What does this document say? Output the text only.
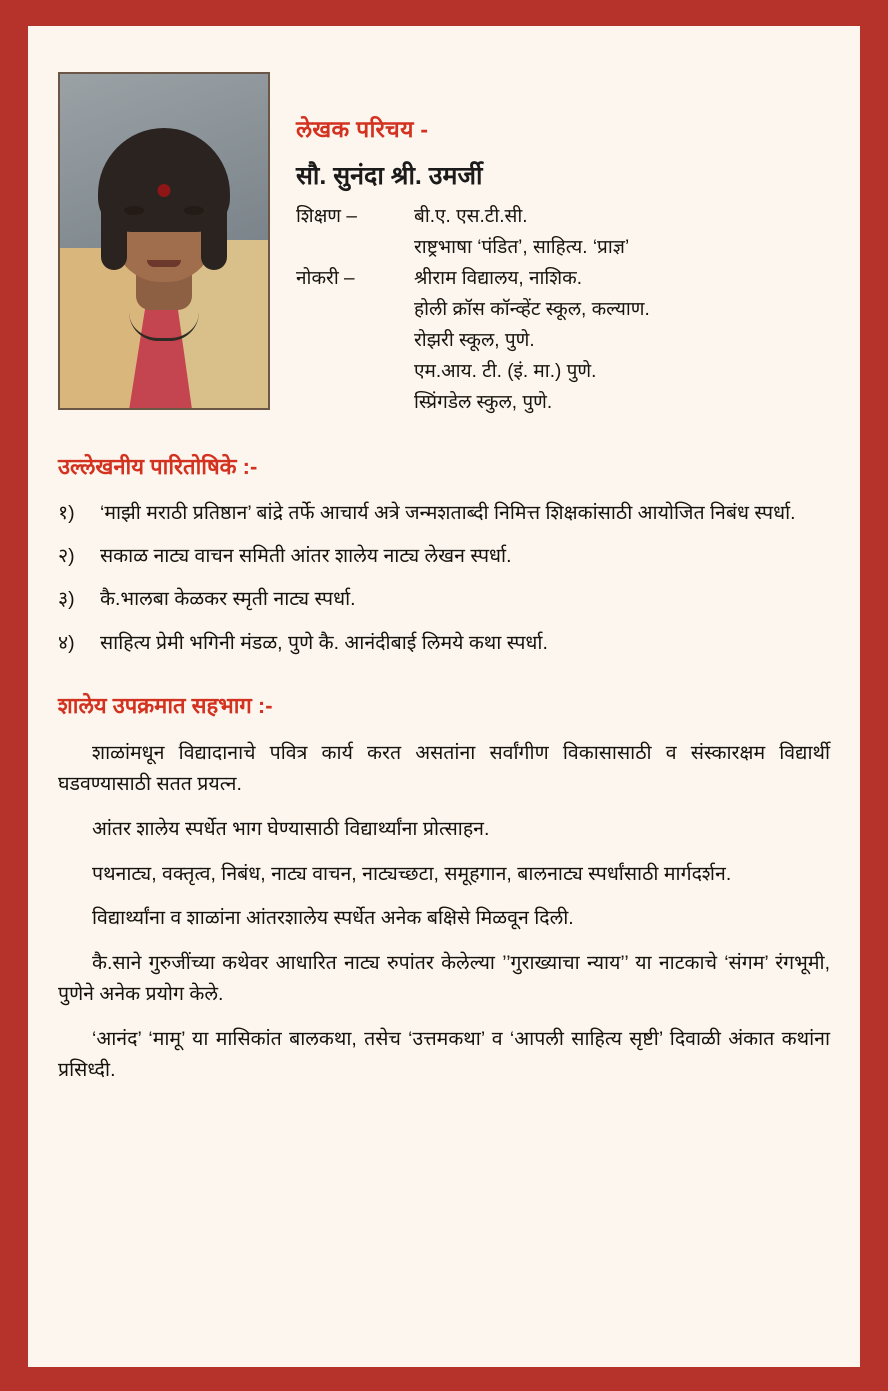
लेखक परिचय -
सौ. सुनंदा श्री. उमर्जी
शिक्षण –	बी.ए. एस.टी.सी.
	राष्ट्रभाषा ‘पंडित’, साहित्य. ‘प्राज्ञ’
नोकरी –	श्रीराम विद्यालय, नाशिक.
	होली क्रॉस कॉन्व्हेंट स्कूल, कल्याण.
	रोझरी स्कूल, पुणे.
	एम.आय. टी. (इं. मा.) पुणे.
	स्प्रिंगडेल स्कुल, पुणे.
उल्लेखनीय पारितोषिके :-
१)	‘माझी मराठी प्रतिष्ठान’ बांद्रे तर्फे आचार्य अत्रे जन्मशताब्दी निमित्त शिक्षकांसाठी आयोजित निबंध स्पर्धा.
२)	सकाळ नाट्य वाचन समिती आंतर शालेय नाट्य लेखन स्पर्धा.
३)	कै.भालबा केळकर स्मृती नाट्य स्पर्धा.
४)	साहित्य प्रेमी भगिनी मंडळ, पुणे कै. आनंदीबाई लिमये कथा स्पर्धा.
शालेय उपक्रमात सहभाग :-

शाळांमधून विद्यादानाचे पवित्र कार्य करत असतांना सर्वांगीण विकासासाठी व संस्कारक्षम विद्यार्थी घडवण्यासाठी सतत प्रयत्न.

आंतर शालेय स्पर्धेत भाग घेण्यासाठी विद्यार्थ्यांना प्रोत्साहन.

पथनाट्य, वक्तृत्व, निबंध, नाट्य वाचन, नाट्यच्छटा, समूहगान, बालनाट्य स्पर्धांसाठी मार्गदर्शन.

विद्यार्थ्यांना व शाळांना आंतरशालेय स्पर्धेत अनेक बक्षिसे मिळवून दिली.

कै.साने गुरुजींच्या कथेवर आधारित नाट्य रुपांतर केलेल्या ’’गुराख्याचा न्याय’’ या नाटकाचे ‘संगम’ रंगभूमी, पुणेने अनेक प्रयोग केले.

‘आनंद’ ‘मामू’ या मासिकांत बालकथा, तसेच ‘उत्तमकथा’ व ‘आपली साहित्य सृष्टी’ दिवाळी अंकात कथांना प्रसिध्दी.
